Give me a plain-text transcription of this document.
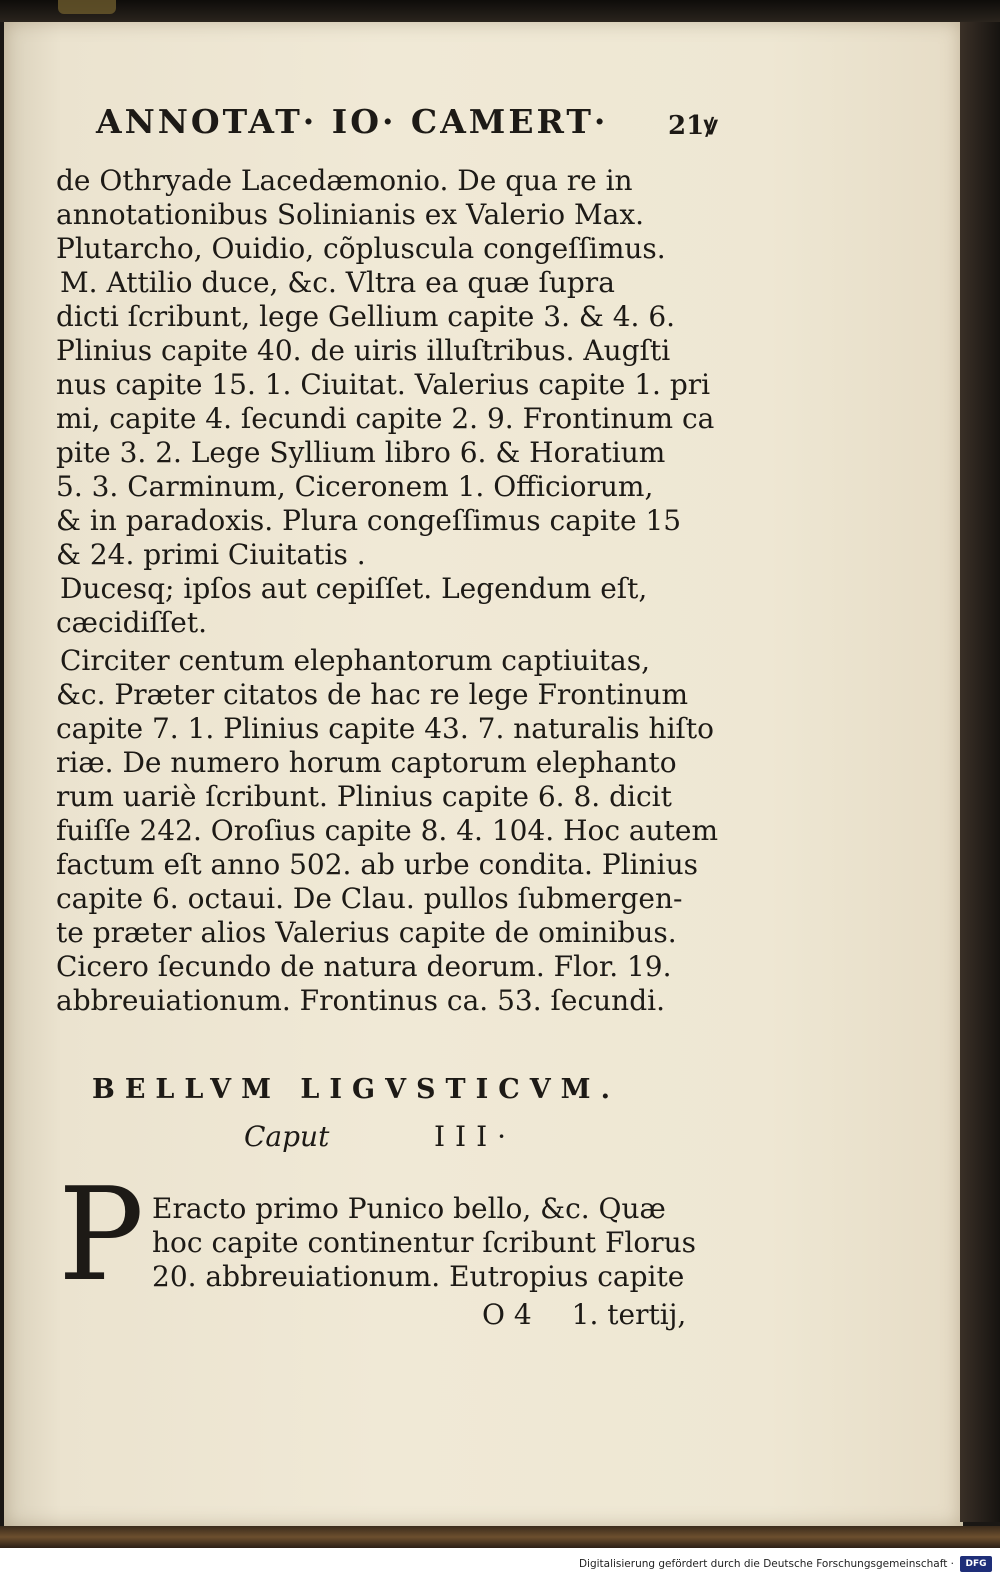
ANNOTAT· IO· CAMERT· 21ꝟ
de Othryade Lacedæmonio. De qua re in
annotationibus Solinianis ex Valerio Max.
Plutarcho, Ouidio, cõpluscula congeſſimus.
M. Attilio duce, &c. Vltra ea quæ ſupra
dicti ſcribunt, lege Gellium capite 3. & 4. 6.
Plinius capite 40. de uiris illuſtribus. Augſti
nus capite 15. 1. Ciuitat. Valerius capite 1. pri
mi, capite 4. ſecundi capite 2. 9. Frontinum ca
pite 3. 2. Lege Syllium libro 6. & Horatium
5. 3. Carminum, Ciceronem 1. Officiorum,
& in paradoxis. Plura congeſſimus capite 15
& 24. primi Ciuitatis .
Ducesq; ipſos aut cepiſſet. Legendum eſt,
cæcidiſſet.
Circiter centum elephantorum captiuitas,
&c. Præter citatos de hac re lege Frontinum
capite 7. 1. Plinius capite 43. 7. naturalis hiſto
riæ. De numero horum captorum elephanto
rum uariè ſcribunt. Plinius capite 6. 8. dicit
fuiſſe 242. Oroſius capite 8. 4. 104. Hoc autem
factum eſt anno 502. ab urbe condita. Plinius
capite 6. octaui. De Clau. pullos ſubmergen-
te præter alios Valerius capite de ominibus.
Cicero ſecundo de natura deorum. Flor. 19.
abbreuiationum. Frontinus ca. 53. ſecundi.
BELLVM LIGVSTICVM.
Caput	III·
P Eracto primo Punico bello, &c. Quæ
hoc capite continentur ſcribunt Florus
20. abbreuiationum. Eutropius capite
O 4 1. tertij,
Digitalisierung gefördert durch die Deutsche Forschungsgemeinschaft ·	DFG
